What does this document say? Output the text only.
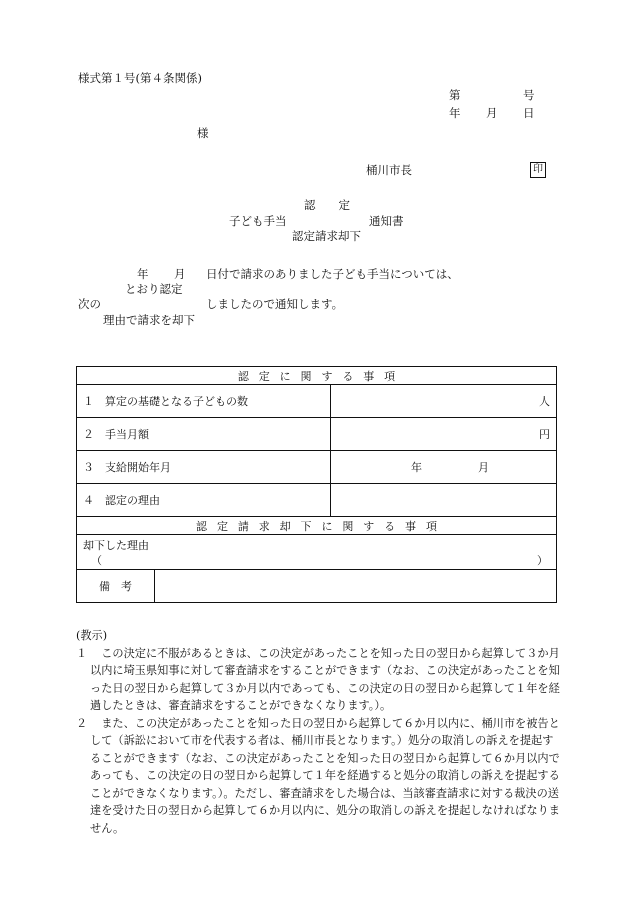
様式第１号(第４条関係)
第	号
年 月 日
様
桶川市長	印
認　　定
子ども手当	通知書
認定請求却下
年 月 日付で請求のありました子ども手当については、
とおり認定
次の	しましたので通知します。
理由で請求を却下
認定に関する事項		
１　算定の基礎となる子どもの数		人
２　手当月額		円
３　支給開始年月		年 月
４　認定の理由		
認定請求却下に関する事項		

却下した理由
（ ）		

備　考		

(教示)

１ 　この決定に不服があるときは、この決定があったことを知った日の翌日から起算して３か月以内に埼玉県知事に対して審査請求をすることができます（なお、この決定があったことを知った日の翌日から起算して３か月以内であっても、この決定の日の翌日から起算して１年を経過したときは、審査請求をすることができなくなります。）。

２ 　また、この決定があったことを知った日の翌日から起算して６か月以内に、桶川市を被告として（訴訟において市を代表する者は、桶川市長となります。）処分の取消しの訴えを提起することができます（なお、この決定があったことを知った日の翌日から起算して６か月以内であっても、この決定の日の翌日から起算して１年を経過すると処分の取消しの訴えを提起することができなくなります。）。ただし、審査請求をした場合は、当該審査請求に対する裁決の送達を受けた日の翌日から起算して６か月以内に、処分の取消しの訴えを提起しなければなりません。
